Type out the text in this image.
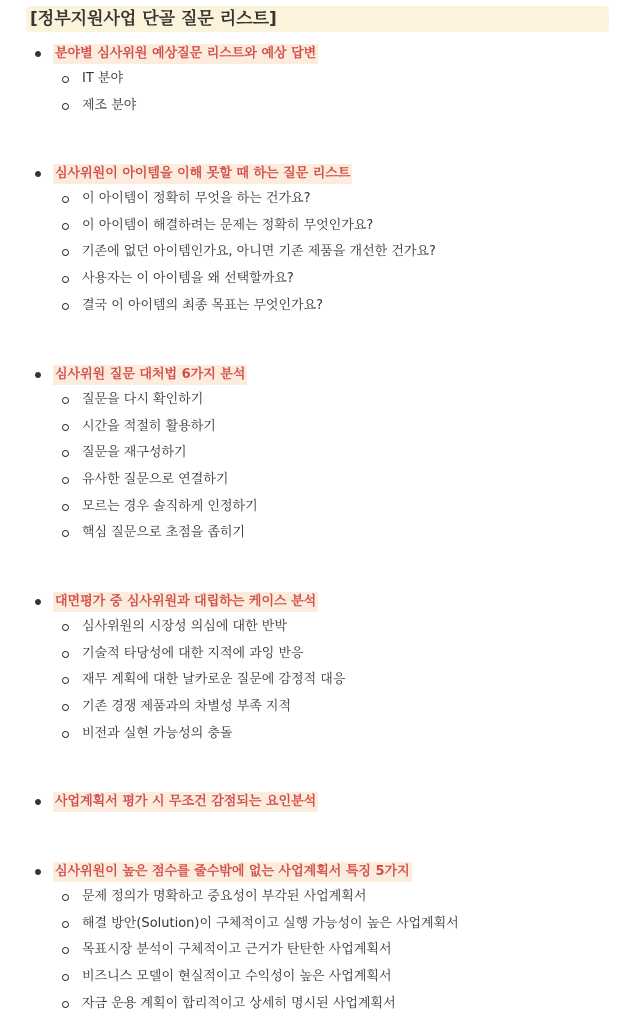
[정부지원사업 단골 질문 리스트]
분야별 심사위원 예상질문 리스트와 예상 답변
IT 분야
제조 분야
심사위원이 아이템을 이해 못할 때 하는 질문 리스트
이 아이템이 정확히 무엇을 하는 건가요?
이 아이템이 해결하려는 문제는 정확히 무엇인가요?
기존에 없던 아이템인가요, 아니면 기존 제품을 개선한 건가요?
사용자는 이 아이템을 왜 선택할까요?
결국 이 아이템의 최종 목표는 무엇인가요?
심사위원 질문 대처법 6가지 분석
질문을 다시 확인하기
시간을 적절히 활용하기
질문을 재구성하기
유사한 질문으로 연결하기
모르는 경우 솔직하게 인정하기
핵심 질문으로 초점을 좁히기
대면평가 중 심사위원과 대립하는 케이스 분석
심사위원의 시장성 의심에 대한 반박
기술적 타당성에 대한 지적에 과잉 반응
재무 계획에 대한 날카로운 질문에 감정적 대응
기존 경쟁 제품과의 차별성 부족 지적
비전과 실현 가능성의 충돌
사업계획서 평가 시 무조건 감점되는 요인분석
심사위원이 높은 점수를 줄수밖에 없는 사업계획서 특징 5가지
문제 정의가 명확하고 중요성이 부각된 사업계획서
해결 방안(Solution)이 구체적이고 실행 가능성이 높은 사업계획서
목표시장 분석이 구체적이고 근거가 탄탄한 사업계획서
비즈니스 모델이 현실적이고 수익성이 높은 사업계획서
자금 운용 계획이 합리적이고 상세히 명시된 사업계획서
